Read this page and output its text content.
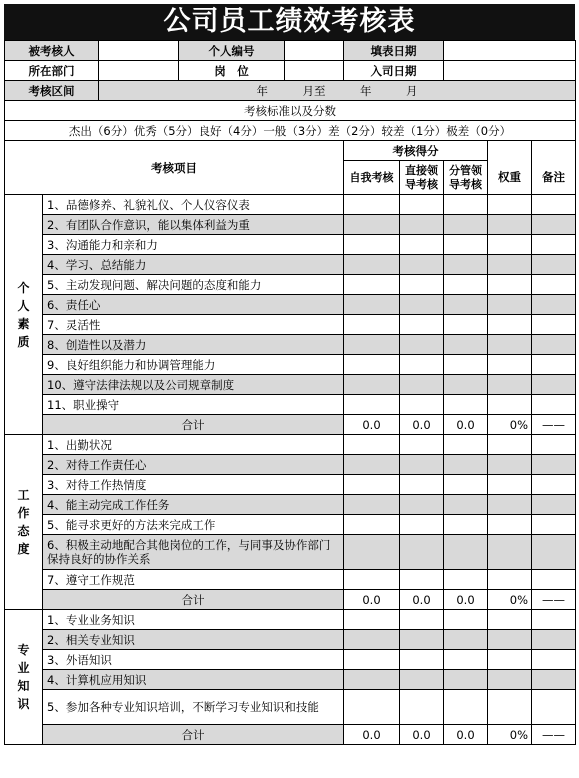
公司员工绩效考核表
被考核人			个人编号		填表日期				
所在部门			岗　位		入司日期				
考核区间		年　　　月至　　　年　　　月							
考核标准以及分数									
杰出（6分）优秀（5分）良好（4分）一般（3分）差（2分）较差（1分）极差（0分）									
考核项目					考核得分				
					自我考核	直接领导考核	分管领导考核	权重	备注
个人素质	1、品德修养、礼貌礼仪、个人仪容仪表								
	2、有团队合作意识，能以集体利益为重								
	3、沟通能力和亲和力								
	4、学习、总结能力								
	5、主动发现问题、解决问题的态度和能力								
	6、责任心								
	7、灵活性								
	8、创造性以及潜力								
	9、良好组织能力和协调管理能力								
	10、遵守法律法规以及公司规章制度								
	11、职业操守								
	合计				0.0	0.0	0.0	0%	——
工作态度	1、出勤状况								
	2、对待工作责任心								
	3、对待工作热情度								
	4、能主动完成工作任务								
	5、能寻求更好的方法来完成工作								
	6、积极主动地配合其他岗位的工作，与同事及协作部门保持良好的协作关系								
	7、遵守工作规范								
	合计				0.0	0.0	0.0	0%	——
专业知识	1、专业业务知识								
	2、相关专业知识								
	3、外语知识								
	4、计算机应用知识								
	5、参加各种专业知识培训，不断学习专业知识和技能								
	合计				0.0	0.0	0.0	0%	——
